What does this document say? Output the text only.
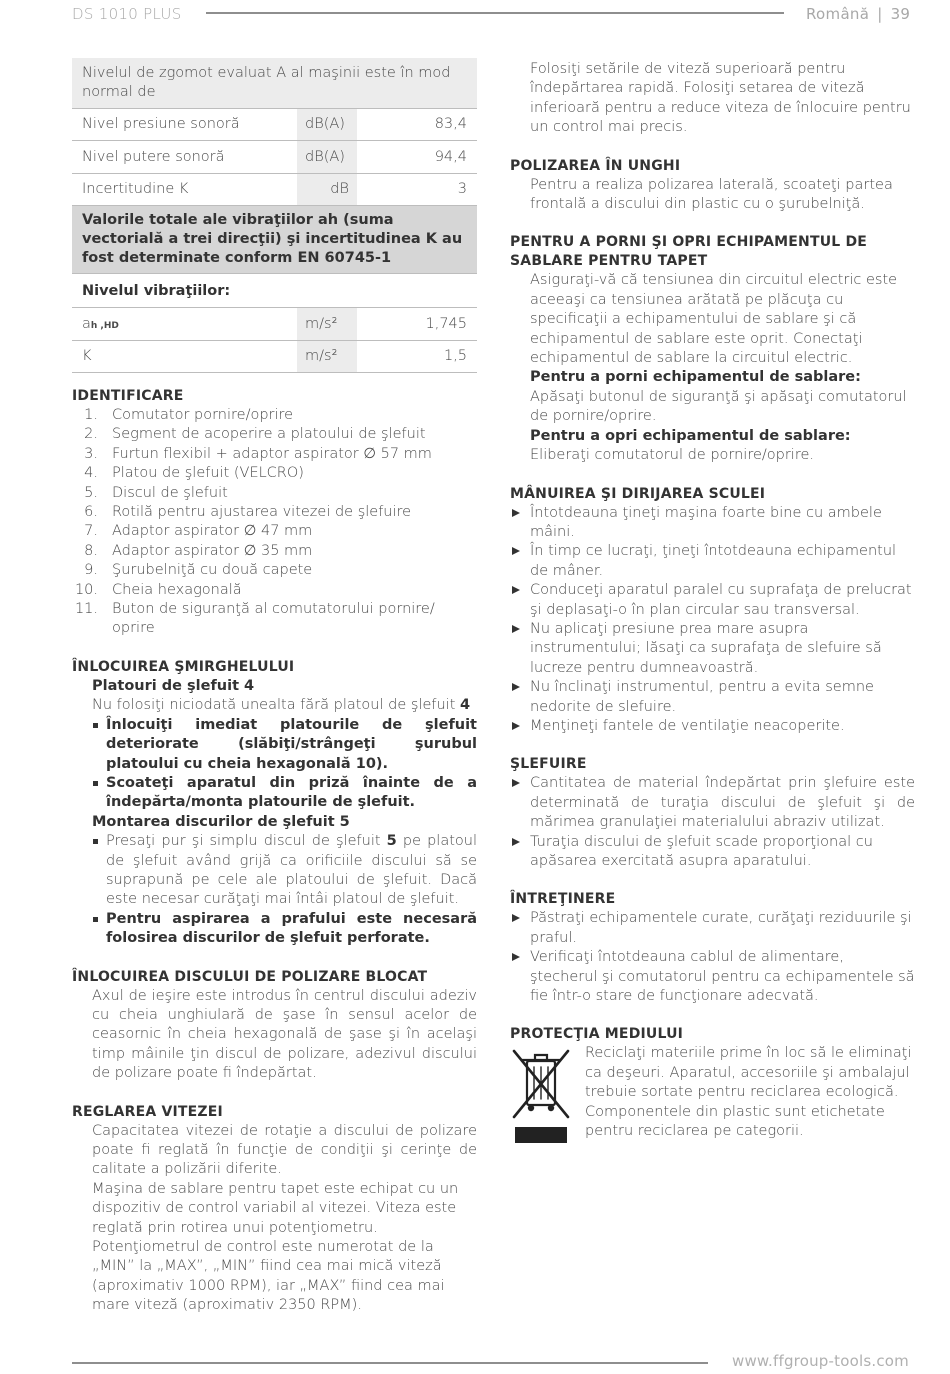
DS 1010 PLUS	Română | 39
Nivelul de zgomot evaluat A al maşinii este în mod normal de		
Nivel presiune sonoră	dB(A)	83,4
Nivel putere sonoră	dB(A)	94,4
Incertitudine K	dB	3
Valorile totale ale vibraţiilor ah (suma vectorială a trei direcţii) şi incertitudinea K au fost determinate conform EN 60745-1		
Nivelul vibraţiilor:		
ah ,HD	m/s²	1,745
K	m/s²	1,5
IDENTIFICARE
1. Comutator pornire/oprire
2. Segment de acoperire a platoului de şlefuit
3. Furtun flexibil + adaptor aspirator ∅ 57 mm
4. Platou de şlefuit (VELCRO)
5. Discul de şlefuit
6. Rotilă pentru ajustarea vitezei de şlefuire
7. Adaptor aspirator ∅ 47 mm
8. Adaptor aspirator ∅ 35 mm
9. Şurubelniţă cu două capete
10. Cheia hexagonală
11. Buton de siguranţă al comutatorului pornire/ oprire
ÎNLOCUIREA ŞMIRGHELULUI
Platouri de şlefuit 4
Nu folosiţi niciodată unealta fără platoul de şlefuit 4
Înlocuiţi imediat platourile de şlefuit deteriorate (slăbiţi/strângeţi şurubul platoului cu cheia hexagonală 10).
Scoateţi aparatul din priză înainte de a îndepărta/monta platourile de şlefuit.
Montarea discurilor de şlefuit 5
Presaţi pur şi simplu discul de şlefuit 5 pe platoul de şlefuit având grijă ca orificiile discului să se suprapună pe cele ale platoului de şlefuit. Dacă este necesar curăţaţi mai întâi platoul de şlefuit.
Pentru aspirarea a prafului este necesară folosirea discurilor de şlefuit perforate.
ÎNLOCUIREA DISCULUI DE POLIZARE BLOCAT
Axul de ieşire este introdus în centrul discului adeziv cu cheia unghiulară de şase în sensul acelor de ceasornic în cheia hexagonală de şase şi în acelaşi timp mâinile ţin discul de polizare, adezivul discului de polizare poate fi îndepărtat.
REGLAREA VITEZEI
Capacitatea vitezei de rotaţie a discului de polizare poate fi reglată în funcţie de condiţii şi cerinţe de calitate a polizării diferite.
Maşina de sablare pentru tapet este echipat cu un dispozitiv de control variabil al vitezei. Viteza este reglată prin rotirea unui potenţiometru. Potenţiometrul de control este numerotat de la „MIN” la „MAX”, „MIN” fiind cea mai mică viteză (aproximativ 1000 RPM), iar „MAX” fiind cea mai mare viteză (aproximativ 2350 RPM).
Folosiţi setările de viteză superioară pentru îndepărtarea rapidă. Folosiţi setarea de viteză inferioară pentru a reduce viteza de înlocuire pentru un control mai precis.
POLIZAREA ÎN UNGHI
Pentru a realiza polizarea laterală, scoateţi partea frontală a discului din plastic cu o şurubelniţă.
PENTRU A PORNI ŞI OPRI ECHIPAMENTUL DE SABLARE PENTRU TAPET
Asiguraţi-vă că tensiunea din circuitul electric este aceeaşi ca tensiunea arătată pe plăcuţa cu specificaţii a echipamentului de sablare şi că echipamentul de sablare este oprit. Conectaţi echipamentul de sablare la circuitul electric.
Pentru a porni echipamentul de sablare: Apăsaţi butonul de siguranţă şi apăsaţi comutatorul de pornire/oprire.
Pentru a opri echipamentul de sablare: Eliberaţi comutatorul de pornire/oprire.
MÂNUIREA ŞI DIRIJAREA SCULEI
Întotdeauna ţineţi maşina foarte bine cu ambele mâini.
În timp ce lucraţi, ţineţi întotdeauna echipamentul de mâner.
Conduceţi aparatul paralel cu suprafaţa de prelucrat şi deplasaţi-o în plan circular sau transversal.
Nu aplicaţi presiune prea mare asupra instrumentului; lăsaţi ca suprafaţa de slefuire să lucreze pentru dumneavoastră.
Nu înclinaţi instrumentul, pentru a evita semne nedorite de slefuire.
Menţineţi fantele de ventilaţie neacoperite.
ŞLEFUIRE
Cantitatea de material îndepărtat prin şlefuire este determinată de turaţia discului de şlefuit şi de mărimea granulaţiei materialului abraziv utilizat.
Turaţia discului de şlefuit scade proporţional cu apăsarea exercitată asupra aparatului.
ÎNTREŢINERE
Păstraţi echipamentele curate, curăţaţi reziduurile şi praful.
Verificaţi întotdeauna cablul de alimentare, ştecherul şi comutatorul pentru ca echipamentele să fie într-o stare de funcţionare adecvată.
PROTECŢIA MEDIULUI
Reciclaţi materiile prime în loc să le eliminaţi ca deşeuri. Aparatul, accesoriile şi ambalajul trebuie sortate pentru reciclarea ecologică. Componentele din plastic sunt etichetate pentru reciclarea pe categorii.
www.ffgroup-tools.com
